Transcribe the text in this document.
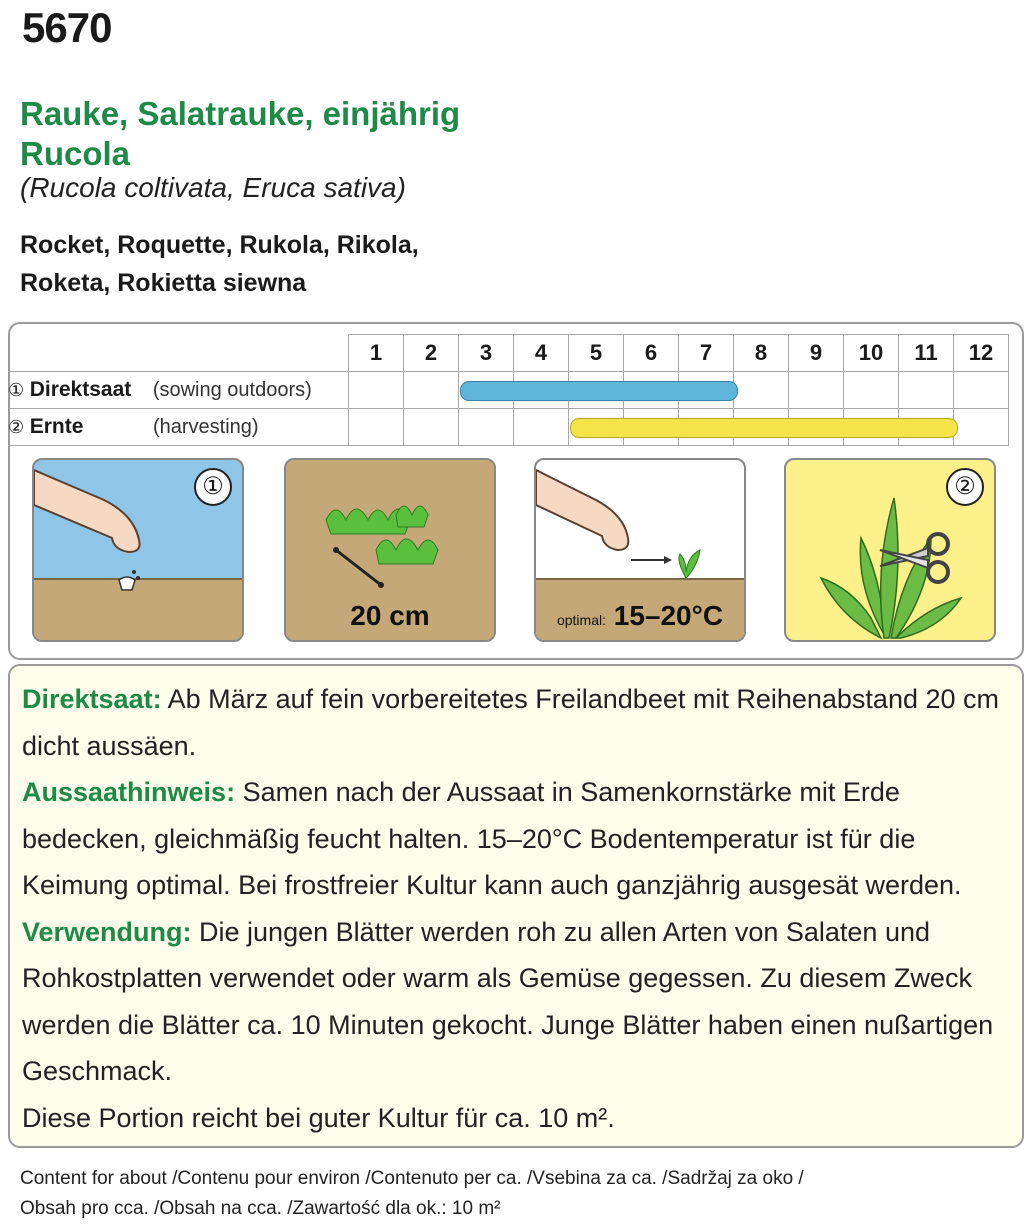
5670
Rauke, Salatrauke, einjährig
Rucola
(Rucola coltivata, Eruca sativa)
Rocket, Roquette, Rukola, Rikola,
Roketa, Rokietta siewna
	1	2	3	4	5	6	7	8	9	10	11	12
① Direktsaat (sowing outdoors)												
② Ernte (harvesting)												
①
20 cm	optimal: 15–20°C
②

Direktsaat: Ab März auf fein vorbereitetes Freilandbeet mit Reihenabstand 20 cm dicht aussäen.

Aussaathinweis: Samen nach der Aussaat in Samenkornstärke mit Erde bedecken, gleichmäßig feucht halten. 15–20°C Bodentemperatur ist für die Keimung optimal. Bei frostfreier Kultur kann auch ganzjährig ausgesät werden.

Verwendung: Die jungen Blätter werden roh zu allen Arten von Salaten und Rohkostplatten verwendet oder warm als Gemüse gegessen. Zu diesem Zweck werden die Blätter ca. 10 Minuten gekocht. Junge Blätter haben einen nußartigen Geschmack.

Diese Portion reicht bei guter Kultur für ca. 10 m².

Content for about /Contenu pour environ /Contenuto per ca. /Vsebina za ca. /Sadržaj za oko /
Obsah pro cca. /Obsah na cca. /Zawartość dla ok.: 10 m²
